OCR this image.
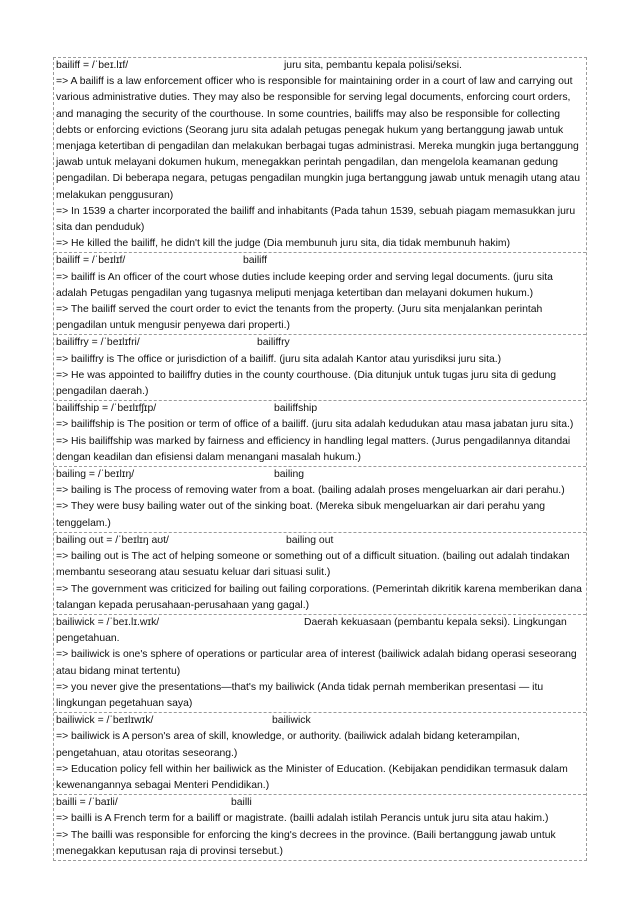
bailiff = /ˈbeɪ.lɪf/	juru sita, pembantu kepala polisi/seksi.
=> A bailiff is a law enforcement officer who is responsible for maintaining order in a court of law and carrying out various administrative duties. They may also be responsible for serving legal documents, enforcing court orders, and managing the security of the courthouse. In some countries, bailiffs may also be responsible for collecting debts or enforcing evictions (Seorang juru sita adalah petugas penegak hukum yang bertanggung jawab untuk menjaga ketertiban di pengadilan dan melakukan berbagai tugas administrasi. Mereka mungkin juga bertanggung jawab untuk melayani dokumen hukum, menegakkan perintah pengadilan, dan mengelola keamanan gedung pengadilan. Di beberapa negara, petugas pengadilan mungkin juga bertanggung jawab untuk menagih utang atau melakukan penggusuran)
=> In 1539 a charter incorporated the bailiff and inhabitants (Pada tahun 1539, sebuah piagam memasukkan juru sita dan penduduk)
=> He killed the bailiff, he didn't kill the judge (Dia membunuh juru sita, dia tidak membunuh hakim)
bailiff = /ˈbeɪlɪf/	bailiff
=> bailiff is An officer of the court whose duties include keeping order and serving legal documents. (juru sita adalah Petugas pengadilan yang tugasnya meliputi menjaga ketertiban dan melayani dokumen hukum.)
=> The bailiff served the court order to evict the tenants from the property. (Juru sita menjalankan perintah pengadilan untuk mengusir penyewa dari properti.)
bailiffry = /ˈbeɪlɪfri/	bailiffry
=> bailiffry is The office or jurisdiction of a bailiff. (juru sita adalah Kantor atau yurisdiksi juru sita.)
=> He was appointed to bailiffry duties in the county courthouse. (Dia ditunjuk untuk tugas juru sita di gedung pengadilan daerah.)
bailiffship = /ˈbeɪlɪfʃɪp/	bailiffship
=> bailiffship is The position or term of office of a bailiff. (juru sita adalah kedudukan atau masa jabatan juru sita.)
=> His bailiffship was marked by fairness and efficiency in handling legal matters. (Jurus pengadilannya ditandai dengan keadilan dan efisiensi dalam menangani masalah hukum.)
bailing = /ˈbeɪlɪŋ/	bailing
=> bailing is The process of removing water from a boat. (bailing adalah proses mengeluarkan air dari perahu.)
=> They were busy bailing water out of the sinking boat. (Mereka sibuk mengeluarkan air dari perahu yang tenggelam.)
bailing out = /ˈbeɪlɪŋ aʊt/	bailing out
=> bailing out is The act of helping someone or something out of a difficult situation. (bailing out adalah tindakan membantu seseorang atau sesuatu keluar dari situasi sulit.)
=> The government was criticized for bailing out failing corporations. (Pemerintah dikritik karena memberikan dana talangan kepada perusahaan-perusahaan yang gagal.)
bailiwick = /ˈbeɪ.lɪ.wɪk/	Daerah kekuasaan (pembantu kepala seksi). Lingkungan pengetahuan.
=> bailiwick is one's sphere of operations or particular area of interest (bailiwick adalah bidang operasi seseorang atau bidang minat tertentu)
=> you never give the presentations—that's my bailiwick (Anda tidak pernah memberikan presentasi — itu lingkungan pegetahuan saya)
bailiwick = /ˈbeɪlɪwɪk/	bailiwick
=> bailiwick is A person's area of skill, knowledge, or authority. (bailiwick adalah bidang keterampilan, pengetahuan, atau otoritas seseorang.)
=> Education policy fell within her bailiwick as the Minister of Education. (Kebijakan pendidikan termasuk dalam kewenangannya sebagai Menteri Pendidikan.)
bailli = /ˈbaɪli/	bailli
=> bailli is A French term for a bailiff or magistrate. (bailli adalah istilah Perancis untuk juru sita atau hakim.)
=> The bailli was responsible for enforcing the king's decrees in the province. (Baili bertanggung jawab untuk menegakkan keputusan raja di provinsi tersebut.)
